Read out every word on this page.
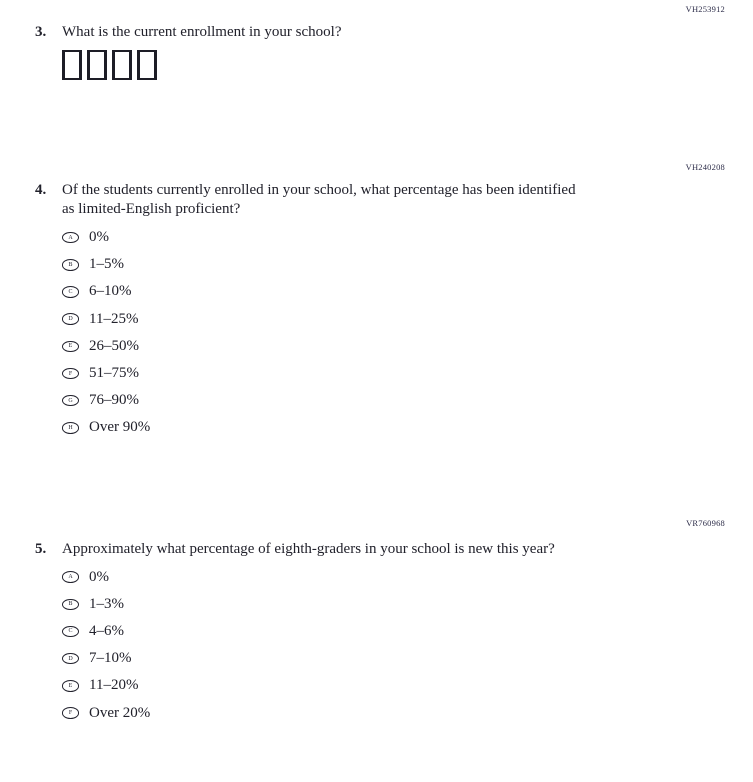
VH253912
3.	What is the current enrollment in your school?
VH240208
4.	Of the students currently enrolled in your school, what percentage has been identified as limited-English proficient?
A	0%
B	1–5%
C	6–10%
D	11–25%
E	26–50%
F	51–75%
G	76–90%
H	Over 90%
VR760968
5.	Approximately what percentage of eighth-graders in your school is new this year?
A	0%
B	1–3%
C	4–6%
D	7–10%
E	11–20%
F	Over 20%
